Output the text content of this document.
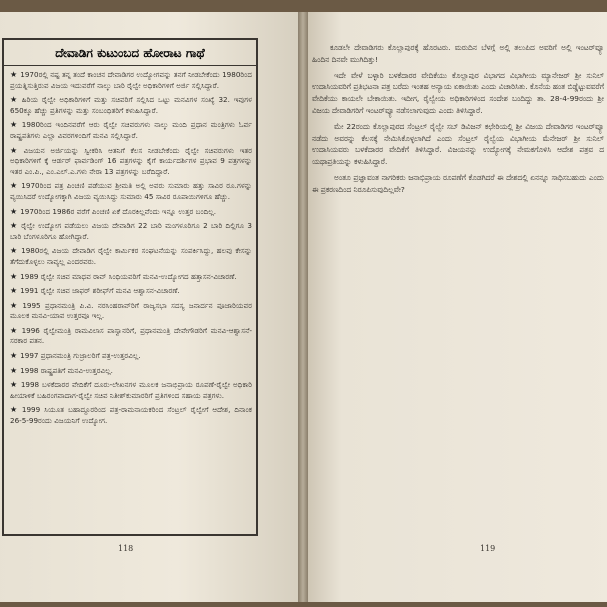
ದೇವಾಡಿಗ ಕುಟುಂಬದ ಹೋರಾಟ ಗಾಥೆ
★ 1970ರಲ್ಲಿ ನಷ್ಟ ತನ್ನ ತಂದೆ ಕಾಂಚನ ದೇವಾಡಿಗರ ಉದ್ಯೋಗವನ್ನು ತನಗೆ ನೀಡಬೇಕೆಂದು 1980ರಿಂದ ಪ್ರಯತ್ನಿಸುತ್ತಿರುವ ವಿಜಯ ಇದುವರೆಗೆ ನಾಲ್ಕು ಬಾರಿ ರೈಲ್ವೇ ಅಧಿಕಾರಿಗಳಿಗೆ ಅರ್ಜಿ ಸಲ್ಲಿಸಿದ್ದಾರೆ.
★ ಹಿರಿಯ ರೈಲ್ವೇ ಅಧಿಕಾರಿಗಳಿಗೆ ಮತ್ತು ಸಚಿವರಿಗೆ ಸಲ್ಲಿಸಿದ ಒಟ್ಟು ಮನವಿಗಳ ಸಂಖ್ಯೆ 32. ಇವುಗಳ 650ಕ್ಕೂ ಹೆಚ್ಚು ಪ್ರತಿಗಳನ್ನು ಮತ್ತು ಸಂಬಂಧಿತರಿಗೆ ಕಳುಹಿಸಿದ್ದಾರೆ.
★ 1980ರಿಂದ ಇಂದಿನವರೆಗೆ ಆರು ರೈಲ್ವೇ ಸಚಿವರುಗಳು ನಾಲ್ಕು ಮಂದಿ ಪ್ರಧಾನ ಮಂತ್ರಿಗಳು ಓರ್ವ ರಾಷ್ಟ್ರಪತಿಗಳು ಎಲ್ಲಾ ವಿವರಗಳಿಂದಿಗೆ ಮನವಿ ಸಲ್ಲಿಸಿದ್ದಾರೆ.
★ ವಿಜಯನ ಅರ್ಜಿಯನ್ನು ಸ್ವೀಕರಿಸಿ ಆತನಿಗೆ ಕೆಲಸ ನೀಡಬೇಕೆಂದು ರೈಲ್ವೇ ಸಚಿವರುಗಳು ಇತರ ಅಧಿಕಾರಿಗಳಿಗೆ ಕ್ಕೆ ಆರ್ಡರ್ ಫಾರ್ವಡಿಂಗ್ 16 ಪತ್ರಗಳನ್ನು ಕೈಗೆ ಕಾರ್ಯದರ್ಶಿಗಳ ಪ್ರಭಾವ 9 ಪತ್ರಗಳನ್ನು ಇತರ ಎಂ.ಪಿ., ಎಂ.ಎಲ್.ಎ.ಗಳು ನೇರಾ 13 ಪತ್ರಗಳನ್ನು ಬರೆದಿದ್ದಾರೆ.
★ 1970ರಿಂದ ಪತ್ರ ಪಿಂಚಣಿ ಪಡೆಯುವ ಶ್ರೀಮತಿ ಅಲ್ಲಿ ಅವರು ಸುಮಾರು ಹತ್ತು ಸಾವಿರ ರೂ.ಗಳನ್ನು ವ್ಯಯಿಸಿದರೆ ಉದ್ಯೋಗಕ್ಕಾಗಿ ವಿಜಯ ವ್ಯಯಿಸಿದ್ದು ಸುಮಾರು 45 ಸಾವಿರ ರೂಪಾಯಿಗಳಿಗೂ ಹೆಚ್ಚು.
★ 1970ರಿಂದ 1986ರ ವರೆಗೆ ಪಿಂಚಣಿ ಏಕೆ ದೊರಕಿಲ್ಲವೆಂದು ಇನ್ನೂ ಉತ್ತರ ಬಂದಿಲ್ಲ.
★ ರೈಲ್ವೇ ಉದ್ಯೋಗ ಪಡೆಯಲು ವಿಜಯ ದೇವಾಡಿಗ 22 ಬಾರಿ ಮಂಗಳೂರಿಗೂ 2 ಬಾರಿ ದಿಲ್ಲಿಗೂ 3 ಬಾರಿ ಬೆಂಗಳೂರಿಗೂ ಹೋಗಿದ್ದಾರೆ.
★ 1980ರಲ್ಲಿ ವಿಜಯ ದೇವಾಡಿಗ ರೈಲ್ವೇ ಕಾರ್ಮಿಕರ ಸಂಘಟನೆಯನ್ನು ಸಂಪರ್ಕಿಸಿದ್ದು, ಹಲವು ಕೇಸನ್ನು ತೆಗೆದುಕೊಳ್ಳಲು ನಾವ್ಯಲ್ಲ ಎಂದರವರು.
★ 1989 ರೈಲ್ವೇ ಸಚಿವ ಮಾಧವ ರಾವ್ ಸಿಂಧಿಯವರಿಗೆ ಮನವಿ-ಉದ್ಯೋಗದ ಹತ್ತಾಸನ-ವಿಚಾರಣೆ.
★ 1991 ರೈಲ್ವೇ ಸಚಿವ ಜಾಫರ್ ಶರೀಫ್‌ಗೆ ಮನವಿ ಆಶ್ವಾಸನ-ವಿಚಾರಣೆ.
★ 1995 ಪ್ರಧಾನಮಂತ್ರಿ ಪಿ.ವಿ. ನರಸಿಂಹರಾವ್‌ರಿಗೆ ರಾಜ್ಯಸಭಾ ಸದಸ್ಯ ಜನಾರ್ದನ ಪೂಜಾರಿಯವರ ಮೂಲಕ ಮನವಿ-ಯಾವ ಉತ್ತರವೂ ಇಲ್ಲ.
★ 1996 ರೈಲ್ವೇಮಂತ್ರಿ ರಾಮವಿಲಾಸ ಪಾಸ್ವಾನರಿಗೆ, ಪ್ರಧಾನಮಂತ್ರಿ ದೇವೇಗೌಡರಿಗೆ ಮನವಿ-ಆಶ್ವಾಸನೆ-ಸರಕಾರ ಪತನ.
★ 1997 ಪ್ರಧಾನಮಂತ್ರಿ ಗುಜ್ರಾಲರಿಗೆ ಪತ್ರ-ಉತ್ತರವಿಲ್ಲ.
★ 1998 ರಾಷ್ಟ್ರಪತಿಗೆ ಮನವಿ-ಉತ್ತರವಿಲ್ಲ.
★ 1998 ಬಳಕೆದಾರರ ವೇದಿಕೆಗೆ ದೂರು-ಲೇಖನಗಳ ಮೂಲಕ ಜನಾಭಿಪ್ರಾಯ ರೂಪಣೆ-ರೈಲ್ವೇ ಅಧಿಕಾರಿ ಹೀಯಾಳಿಕೆ ಬಹಿರಂಗವಾದಾಗ-ರೈಲ್ವೇ ಸಚಿವ ನಿತೀಶ್‌ಕುಮಾರರಿಗೆ ಪ್ರತಿಗಳಿಂದ ಸಹಾಯ ಪತ್ರಗಳು.
★ 1999 ಸಿಯೂತ ಬಹಾದ್ದೂರರಿಂದ ಪತ್ರ-ರಾಮನಾಯಕರಿಂದ ಸೆಂಟ್ರಲ್ ರೈಲ್ವೇಗೆ ಆದೇಶ, ದಿನಾಂಕ 26-5-99ರಂದು ವಿಜಯನಿಗೆ ಉದ್ಯೋಗ.
118

ಕೂಡಲೇ ದೇವಾಡಿಗರು ಕೊಲ್ಲಾಪುರಕ್ಕೆ ಹೊರಟರು. ಮರುದಿನ ಬೆಳಗ್ಗೆ ಅಲ್ಲಿ ತಲುಪಿದ ಅವರಿಗೆ ಅಲ್ಲಿ ಇಂಟರ್‌ವ್ಯೂ ಹಿಂದಿನ ದಿನವೇ ಮುಗಿದಿತ್ತು!

ಇದೇ ವೇಳೆ ಬಳ್ಳಾರಿ ಬಳಕೆದಾರರ ವೇದಿಕೆಯು ಕೊಲ್ಲಾಪುರ ವಿಭಾಗದ ವಿಭಾಗೀಯ ಮ್ಯಾನೇಜರ್ ಶ್ರೀ ಸುನಿಲ್ ಉದಾಸಿಯವರಿಗೆ ಪ್ರತಿಭಟನಾ ಪತ್ರ ಬರೆದು ಇಂತಹ ಅನ್ಯಾಯ ಏಕಾಯಿತು ಎಂದು ವಿಚಾರಿಸಿತು. ಕೊನೆಯ ಹಂತ ಬಿಡ್ಡೆಟ್ಟುವವರೆಗೆ ವೇದಿಕೆಯು ಕಾಯಲೇ ಬೇಕಾಯಿತು. ಇದೀಗ, ರೈಲ್ವೇಯ ಅಧಿಕಾರಿಗಳಿಂದ ಸಂದೇಶ ಬಂದಿದ್ದು ತಾ. 28-4-99ರಂದು ಶ್ರೀ ವಿಜಯ ದೇವಾಡಿಗರಿಗೆ ಇಂಟರ್‌ವ್ಯೂ ನಡೆಸಲಾಗುವುದು ಎಂದು ತಿಳಿಸಿದ್ದಾರೆ.

ಮೇ 22ರಂದು ಕೊಲ್ಲಾಪುರದ ಸೆಂಟ್ರಲ್ ರೈಲ್ವೇ ಸಬ್ ಡಿವಿಜನ್ ಕಛೇರಿಯಲ್ಲಿ ಶ್ರೀ ವಿಜಯ ದೇವಾಡಿಗರ ಇಂಟರ್‌ವ್ಯೂ ನಡೆದು ಅವರನ್ನು ಕೆಲಸಕ್ಕೆ ನೇಮಿಸಿಕೊಳ್ಳಲಾಗಿದೆ ಎಂದು ಸೆಂಟ್ರಲ್ ರೈಲ್ವೆಯ ವಿಭಾಗೀಯ ಮೆನೇಜರ್ ಶ್ರೀ ಸುನಿಲ್ ಉದಾಸಿಯವರು ಬಳಕೆದಾರರ ವೇದಿಕೆಗೆ ತಿಳಿಸಿದ್ದಾರೆ. ವಿಜಯನನ್ನು ಉದ್ಯೋಗಕ್ಕೆ ನೇಮಕಗೊಳಿಸಿ ಆದೇಶ ಪತ್ರವ ದ ಯಥಾಪ್ರತಿಯನ್ನು ಕಳುಹಿಸಿದ್ದಾರೆ.

ಅಂತೂ ಪ್ರಜ್ಞಾವಂತ ನಾಗರಿಕರು ಜನಾಭಿಪ್ರಾಯ ರೂಪಣೆಗೆ ಕೊಡಗಿದರೆ ಈ ದೇಶದಲ್ಲಿ ಏನನ್ನೂ ಸಾಧಿಸಬಹುದು ಎಂದು ಈ ಪ್ರಕರಣದಿಂದ ನಿರೂಪಿಸುವುದಿಲ್ಲವೇ?

119
